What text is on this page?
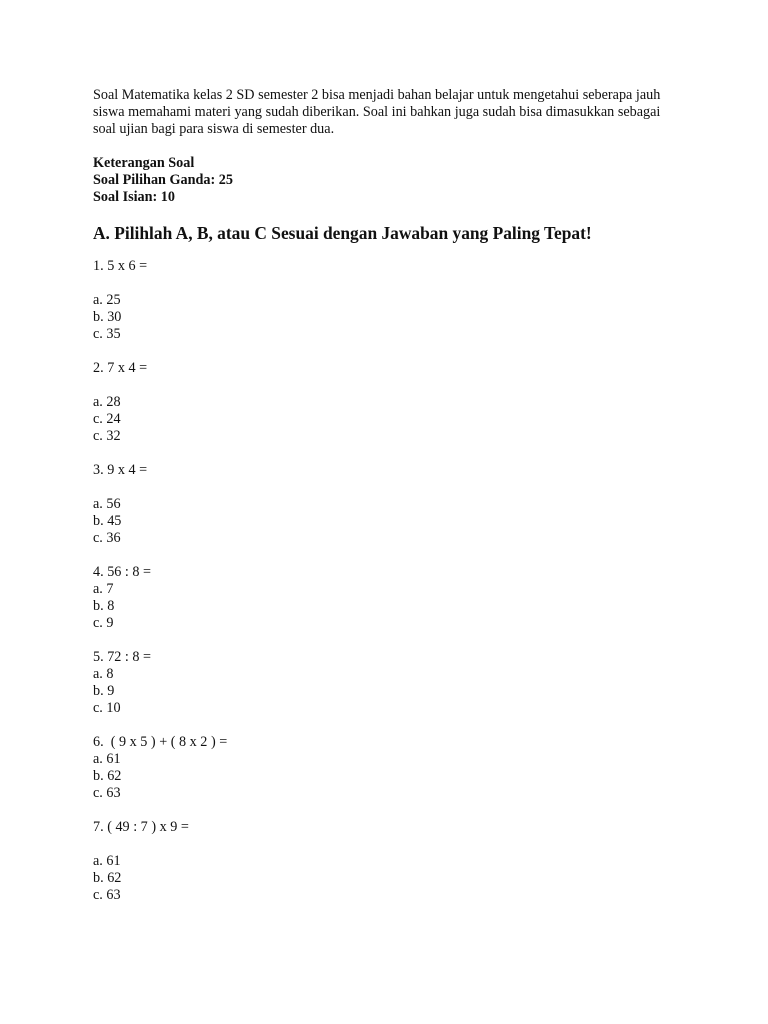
Soal Matematika kelas 2 SD semester 2 bisa menjadi bahan belajar untuk mengetahui seberapa jauh siswa memahami materi yang sudah diberikan. Soal ini bahkan juga sudah bisa dimasukkan sebagai soal ujian bagi para siswa di semester dua.

Keterangan Soal

Soal Pilihan Ganda: 25

Soal Isian: 10

A. Pilihlah A, B, atau C Sesuai dengan Jawaban yang Paling Tepat!

1. 5 x 6 =

a. 25
b. 30
c. 35

2. 7 x 4 =

a. 28
c. 24
c. 32

3. 9 x 4 =

a. 56
b. 45
c. 36

4. 56 : 8 =

a. 7
b. 8
c. 9

5. 72 : 8 =

a. 8
b. 9
c. 10

6.  ( 9 x 5 ) + ( 8 x 2 ) =

a. 61
b. 62
c. 63

7. ( 49 : 7 ) x 9 =

a. 61
b. 62
c. 63
